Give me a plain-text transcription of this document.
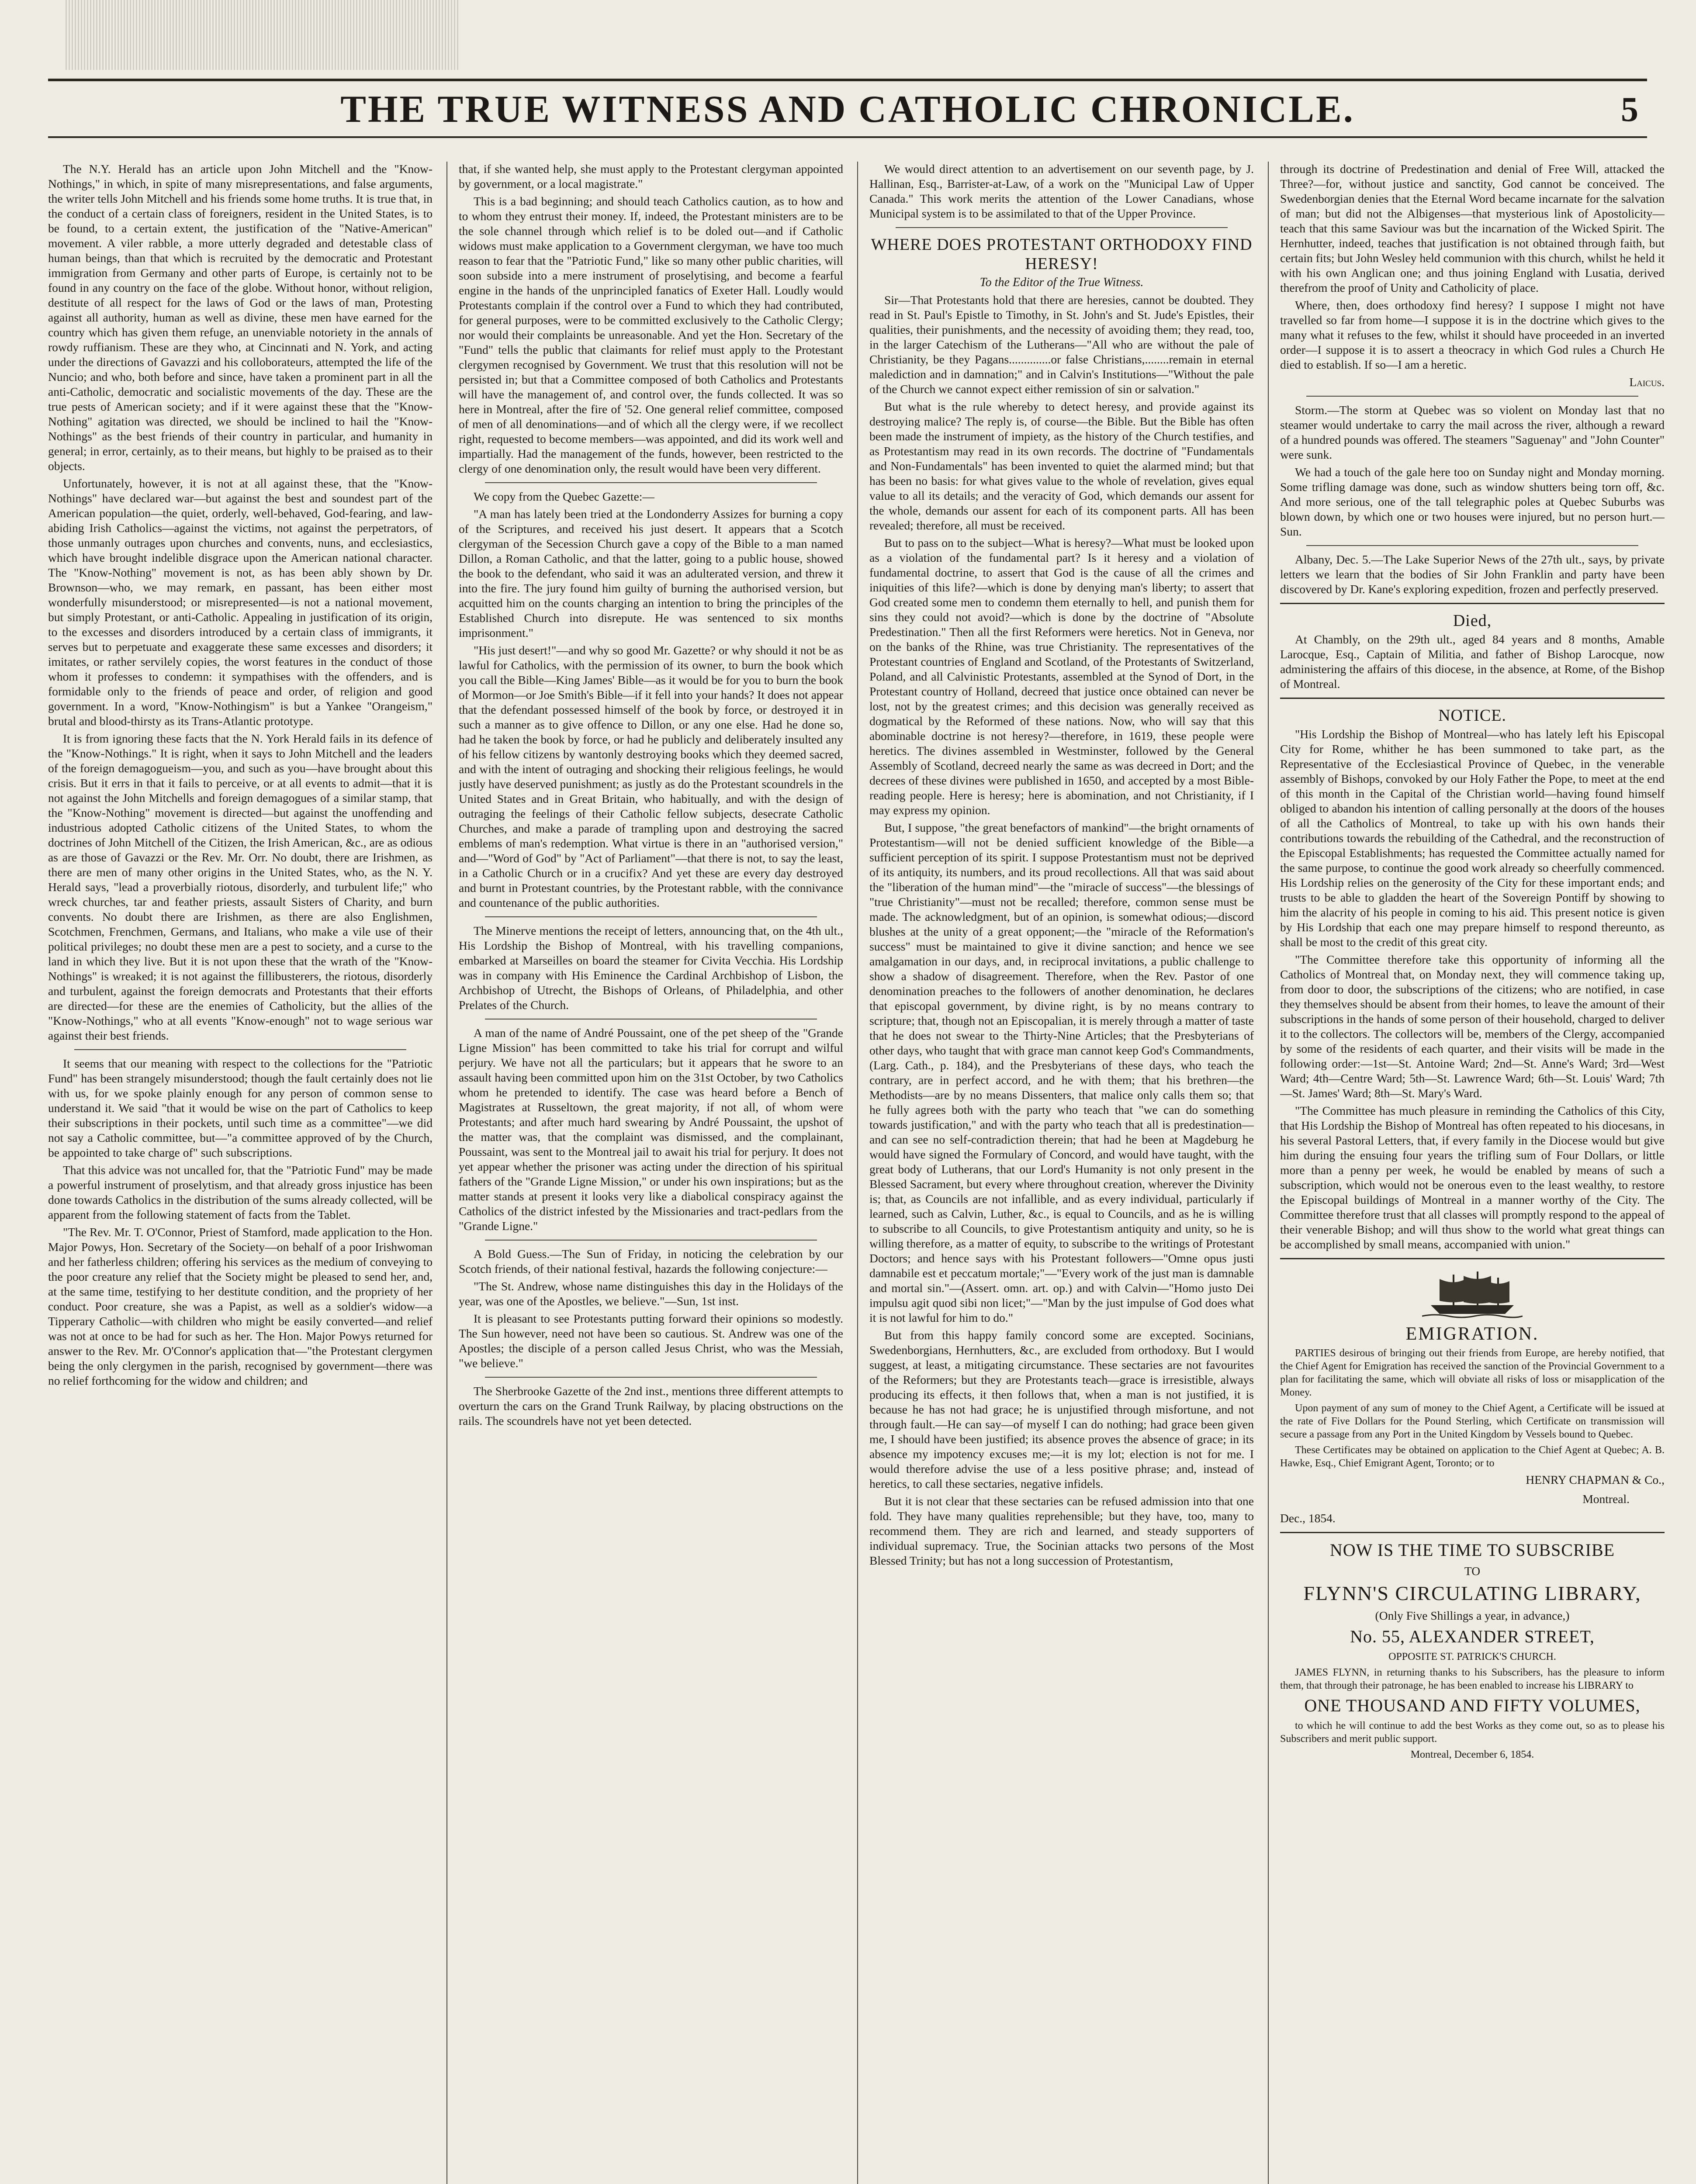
THE TRUE WITNESS AND CATHOLIC CHRONICLE.	5

The N.Y. Herald has an article upon John Mitchell and the "Know-Nothings," in which, in spite of many misrepresentations, and false arguments, the writer tells John Mitchell and his friends some home truths. It is true that, in the conduct of a certain class of foreigners, resident in the United States, is to be found, to a certain extent, the justification of the "Native-American" movement. A viler rabble, a more utterly degraded and detestable class of human beings, than that which is recruited by the democratic and Protestant immigration from Germany and other parts of Europe, is certainly not to be found in any country on the face of the globe. Without honor, without religion, destitute of all respect for the laws of God or the laws of man, Protesting against all authority, human as well as divine, these men have earned for the country which has given them refuge, an unenviable notoriety in the annals of rowdy ruffianism. These are they who, at Cincinnati and N. York, and acting under the directions of Gavazzi and his colloborateurs, attempted the life of the Nuncio; and who, both before and since, have taken a prominent part in all the anti-Catholic, democratic and socialistic movements of the day. These are the true pests of American society; and if it were against these that the "Know-Nothing" agitation was directed, we should be inclined to hail the "Know-Nothings" as the best friends of their country in particular, and humanity in general; in error, certainly, as to their means, but highly to be praised as to their objects.

Unfortunately, however, it is not at all against these, that the "Know-Nothings" have declared war—but against the best and soundest part of the American population—the quiet, orderly, well-behaved, God-fearing, and law-abiding Irish Catholics—against the victims, not against the perpetrators, of those unmanly outrages upon churches and convents, nuns, and ecclesiastics, which have brought indelible disgrace upon the American national character. The "Know-Nothing" movement is not, as has been ably shown by Dr. Brownson—who, we may remark, en passant, has been either most wonderfully misunderstood; or misrepresented—is not a national movement, but simply Protestant, or anti-Catholic. Appealing in justification of its origin, to the excesses and disorders introduced by a certain class of immigrants, it serves but to perpetuate and exaggerate these same excesses and disorders; it imitates, or rather servilely copies, the worst features in the conduct of those whom it professes to condemn: it sympathises with the offenders, and is formidable only to the friends of peace and order, of religion and good government. In a word, "Know-Nothingism" is but a Yankee "Orangeism," brutal and blood-thirsty as its Trans-Atlantic prototype.

It is from ignoring these facts that the N. York Herald fails in its defence of the "Know-Nothings." It is right, when it says to John Mitchell and the leaders of the foreign demagogueism—you, and such as you—have brought about this crisis. But it errs in that it fails to perceive, or at all events to admit—that it is not against the John Mitchells and foreign demagogues of a similar stamp, that the "Know-Nothing" movement is directed—but against the unoffending and industrious adopted Catholic citizens of the United States, to whom the doctrines of John Mitchell of the Citizen, the Irish American, &c., are as odious as are those of Gavazzi or the Rev. Mr. Orr. No doubt, there are Irishmen, as there are men of many other origins in the United States, who, as the N. Y. Herald says, "lead a proverbially riotous, disorderly, and turbulent life;" who wreck churches, tar and feather priests, assault Sisters of Charity, and burn convents. No doubt there are Irishmen, as there are also Englishmen, Scotchmen, Frenchmen, Germans, and Italians, who make a vile use of their political privileges; no doubt these men are a pest to society, and a curse to the land in which they live. But it is not upon these that the wrath of the "Know-Nothings" is wreaked; it is not against the fillibusterers, the riotous, disorderly and turbulent, against the foreign democrats and Protestants that their efforts are directed—for these are the enemies of Catholicity, but the allies of the "Know-Nothings," who at all events "Know-enough" not to wage serious war against their best friends.

It seems that our meaning with respect to the collections for the "Patriotic Fund" has been strangely misunderstood; though the fault certainly does not lie with us, for we spoke plainly enough for any person of common sense to understand it. We said "that it would be wise on the part of Catholics to keep their subscriptions in their pockets, until such time as a committee"—we did not say a Catholic committee, but—"a committee approved of by the Church, be appointed to take charge of" such subscriptions.

That this advice was not uncalled for, that the "Patriotic Fund" may be made a powerful instrument of proselytism, and that already gross injustice has been done towards Catholics in the distribution of the sums already collected, will be apparent from the following statement of facts from the Tablet.

"The Rev. Mr. T. O'Connor, Priest of Stamford, made application to the Hon. Major Powys, Hon. Secretary of the Society—on behalf of a poor Irishwoman and her fatherless children; offering his services as the medium of conveying to the poor creature any relief that the Society might be pleased to send her, and, at the same time, testifying to her destitute condition, and the propriety of her conduct. Poor creature, she was a Papist, as well as a soldier's widow—a Tipperary Catholic—with children who might be easily converted—and relief was not at once to be had for such as her. The Hon. Major Powys returned for answer to the Rev. Mr. O'Connor's application that—"the Protestant clergymen being the only clergymen in the parish, recognised by government—there was no relief forthcoming for the widow and children; and

that, if she wanted help, she must apply to the Protestant clergyman appointed by government, or a local magistrate."

This is a bad beginning; and should teach Catholics caution, as to how and to whom they entrust their money. If, indeed, the Protestant ministers are to be the sole channel through which relief is to be doled out—and if Catholic widows must make application to a Government clergyman, we have too much reason to fear that the "Patriotic Fund," like so many other public charities, will soon subside into a mere instrument of proselytising, and become a fearful engine in the hands of the unprincipled fanatics of Exeter Hall. Loudly would Protestants complain if the control over a Fund to which they had contributed, for general purposes, were to be committed exclusively to the Catholic Clergy; nor would their complaints be unreasonable. And yet the Hon. Secretary of the "Fund" tells the public that claimants for relief must apply to the Protestant clergymen recognised by Government. We trust that this resolution will not be persisted in; but that a Committee composed of both Catholics and Protestants will have the management of, and control over, the funds collected. It was so here in Montreal, after the fire of '52. One general relief committee, composed of men of all denominations—and of which all the clergy were, if we recollect right, requested to become members—was appointed, and did its work well and impartially. Had the management of the funds, however, been restricted to the clergy of one denomination only, the result would have been very different.

We copy from the Quebec Gazette:—

"A man has lately been tried at the Londonderry Assizes for burning a copy of the Scriptures, and received his just desert. It appears that a Scotch clergyman of the Secession Church gave a copy of the Bible to a man named Dillon, a Roman Catholic, and that the latter, going to a public house, showed the book to the defendant, who said it was an adulterated version, and threw it into the fire. The jury found him guilty of burning the authorised version, but acquitted him on the counts charging an intention to bring the principles of the Established Church into disrepute. He was sentenced to six months imprisonment."

"His just desert!"—and why so good Mr. Gazette? or why should it not be as lawful for Catholics, with the permission of its owner, to burn the book which you call the Bible—King James' Bible—as it would be for you to burn the book of Mormon—or Joe Smith's Bible—if it fell into your hands? It does not appear that the defendant possessed himself of the book by force, or destroyed it in such a manner as to give offence to Dillon, or any one else. Had he done so, had he taken the book by force, or had he publicly and deliberately insulted any of his fellow citizens by wantonly destroying books which they deemed sacred, and with the intent of outraging and shocking their religious feelings, he would justly have deserved punishment; as justly as do the Protestant scoundrels in the United States and in Great Britain, who habitually, and with the design of outraging the feelings of their Catholic fellow subjects, desecrate Catholic Churches, and make a parade of trampling upon and destroying the sacred emblems of man's redemption. What virtue is there in an "authorised version," and—"Word of God" by "Act of Parliament"—that there is not, to say the least, in a Catholic Church or in a crucifix? And yet these are every day destroyed and burnt in Protestant countries, by the Protestant rabble, with the connivance and countenance of the public authorities.

The Minerve mentions the receipt of letters, announcing that, on the 4th ult., His Lordship the Bishop of Montreal, with his travelling companions, embarked at Marseilles on board the steamer for Civita Vecchia. His Lordship was in company with His Eminence the Cardinal Archbishop of Lisbon, the Archbishop of Utrecht, the Bishops of Orleans, of Philadelphia, and other Prelates of the Church.

A man of the name of André Poussaint, one of the pet sheep of the "Grande Ligne Mission" has been committed to take his trial for corrupt and wilful perjury. We have not all the particulars; but it appears that he swore to an assault having been committed upon him on the 31st October, by two Catholics whom he pretended to identify. The case was heard before a Bench of Magistrates at Russeltown, the great majority, if not all, of whom were Protestants; and after much hard swearing by André Poussaint, the upshot of the matter was, that the complaint was dismissed, and the complainant, Poussaint, was sent to the Montreal jail to await his trial for perjury. It does not yet appear whether the prisoner was acting under the direction of his spiritual fathers of the "Grande Ligne Mission," or under his own inspirations; but as the matter stands at present it looks very like a diabolical conspiracy against the Catholics of the district infested by the Missionaries and tract-pedlars from the "Grande Ligne."

A Bold Guess.—The Sun of Friday, in noticing the celebration by our Scotch friends, of their national festival, hazards the following conjecture:—

"The St. Andrew, whose name distinguishes this day in the Holidays of the year, was one of the Apostles, we believe."—Sun, 1st inst.

It is pleasant to see Protestants putting forward their opinions so modestly. The Sun however, need not have been so cautious. St. Andrew was one of the Apostles; the disciple of a person called Jesus Christ, who was the Messiah, "we believe."

The Sherbrooke Gazette of the 2nd inst., mentions three different attempts to overturn the cars on the Grand Trunk Railway, by placing obstructions on the rails. The scoundrels have not yet been detected.

We would direct attention to an advertisement on our seventh page, by J. Hallinan, Esq., Barrister-at-Law, of a work on the "Municipal Law of Upper Canada." This work merits the attention of the Lower Canadians, whose Municipal system is to be assimilated to that of the Upper Province.

WHERE DOES PROTESTANT ORTHODOXY FIND HERESY!
To the Editor of the True Witness.

Sir—That Protestants hold that there are heresies, cannot be doubted. They read in St. Paul's Epistle to Timothy, in St. John's and St. Jude's Epistles, their qualities, their punishments, and the necessity of avoiding them; they read, too, in the larger Catechism of the Lutherans—"All who are without the pale of Christianity, be they Pagans..............or false Christians,........remain in eternal malediction and in damnation;" and in Calvin's Institutions—"Without the pale of the Church we cannot expect either remission of sin or salvation."

But what is the rule whereby to detect heresy, and provide against its destroying malice? The reply is, of course—the Bible. But the Bible has often been made the instrument of impiety, as the history of the Church testifies, and as Protestantism may read in its own records. The doctrine of "Fundamentals and Non-Fundamentals" has been invented to quiet the alarmed mind; but that has been no basis: for what gives value to the whole of revelation, gives equal value to all its details; and the veracity of God, which demands our assent for the whole, demands our assent for each of its component parts. All has been revealed; therefore, all must be received.

But to pass on to the subject—What is heresy?—What must be looked upon as a violation of the fundamental part? Is it heresy and a violation of fundamental doctrine, to assert that God is the cause of all the crimes and iniquities of this life?—which is done by denying man's liberty; to assert that God created some men to condemn them eternally to hell, and punish them for sins they could not avoid?—which is done by the doctrine of "Absolute Predestination." Then all the first Reformers were heretics. Not in Geneva, nor on the banks of the Rhine, was true Christianity. The representatives of the Protestant countries of England and Scotland, of the Protestants of Switzerland, Poland, and all Calvinistic Protestants, assembled at the Synod of Dort, in the Protestant country of Holland, decreed that justice once obtained can never be lost, not by the greatest crimes; and this decision was generally received as dogmatical by the Reformed of these nations. Now, who will say that this abominable doctrine is not heresy?—therefore, in 1619, these people were heretics. The divines assembled in Westminster, followed by the General Assembly of Scotland, decreed nearly the same as was decreed in Dort; and the decrees of these divines were published in 1650, and accepted by a most Bible-reading people. Here is heresy; here is abomination, and not Christianity, if I may express my opinion.

But, I suppose, "the great benefactors of mankind"—the bright ornaments of Protestantism—will not be denied sufficient knowledge of the Bible—a sufficient perception of its spirit. I suppose Protestantism must not be deprived of its antiquity, its numbers, and its proud recollections. All that was said about the "liberation of the human mind"—the "miracle of success"—the blessings of "true Christianity"—must not be recalled; therefore, common sense must be made. The acknowledgment, but of an opinion, is somewhat odious;—discord blushes at the unity of a great opponent;—the "miracle of the Reformation's success" must be maintained to give it divine sanction; and hence we see amalgamation in our days, and, in reciprocal invitations, a public challenge to show a shadow of disagreement. Therefore, when the Rev. Pastor of one denomination preaches to the followers of another denomination, he declares that episcopal government, by divine right, is by no means contrary to scripture; that, though not an Episcopalian, it is merely through a matter of taste that he does not swear to the Thirty-Nine Articles; that the Presbyterians of other days, who taught that with grace man cannot keep God's Commandments, (Larg. Cath., p. 184), and the Presbyterians of these days, who teach the contrary, are in perfect accord, and he with them; that his brethren—the Methodists—are by no means Dissenters, that malice only calls them so; that he fully agrees both with the party who teach that "we can do something towards justification," and with the party who teach that all is predestination—and can see no self-contradiction therein; that had he been at Magdeburg he would have signed the Formulary of Concord, and would have taught, with the great body of Lutherans, that our Lord's Humanity is not only present in the Blessed Sacrament, but every where throughout creation, wherever the Divinity is; that, as Councils are not infallible, and as every individual, particularly if learned, such as Calvin, Luther, &c., is equal to Councils, and as he is willing to subscribe to all Councils, to give Protestantism antiquity and unity, so he is willing therefore, as a matter of equity, to subscribe to the writings of Protestant Doctors; and hence says with his Protestant followers—"Omne opus justi damnabile est et peccatum mortale;"—"Every work of the just man is damnable and mortal sin."—(Assert. omn. art. op.) and with Calvin—"Homo justo Dei impulsu agit quod sibi non licet;"—"Man by the just impulse of God does what it is not lawful for him to do."

But from this happy family concord some are excepted. Socinians, Swedenborgians, Hernhutters, &c., are excluded from orthodoxy. But I would suggest, at least, a mitigating circumstance. These sectaries are not favourites of the Reformers; but they are Protestants teach—grace is irresistible, always producing its effects, it then follows that, when a man is not justified, it is because he has not had grace; he is unjustified through misfortune, and not through fault.—He can say—of myself I can do nothing; had grace been given me, I should have been justified; its absence proves the absence of grace; in its absence my impotency excuses me;—it is my lot; election is not for me. I would therefore advise the use of a less positive phrase; and, instead of heretics, to call these sectaries, negative infidels.

But it is not clear that these sectaries can be refused admission into that one fold. They have many qualities reprehensible; but they have, too, many to recommend them. They are rich and learned, and steady supporters of individual supremacy. True, the Socinian attacks two persons of the Most Blessed Trinity; but has not a long succession of Protestantism,

through its doctrine of Predestination and denial of Free Will, attacked the Three?—for, without justice and sanctity, God cannot be conceived. The Swedenborgian denies that the Eternal Word became incarnate for the salvation of man; but did not the Albigenses—that mysterious link of Apostolicity—teach that this same Saviour was but the incarnation of the Wicked Spirit. The Hernhutter, indeed, teaches that justification is not obtained through faith, but certain fits; but John Wesley held communion with this church, whilst he held it with his own Anglican one; and thus joining England with Lusatia, derived therefrom the proof of Unity and Catholicity of place.

Where, then, does orthodoxy find heresy? I suppose I might not have travelled so far from home—I suppose it is in the doctrine which gives to the many what it refuses to the few, whilst it should have proceeded in an inverted order—I suppose it is to assert a theocracy in which God rules a Church He died to establish. If so—I am a heretic.

Laicus.

Storm.—The storm at Quebec was so violent on Monday last that no steamer would undertake to carry the mail across the river, although a reward of a hundred pounds was offered. The steamers "Saguenay" and "John Counter" were sunk.

We had a touch of the gale here too on Sunday night and Monday morning. Some trifling damage was done, such as window shutters being torn off, &c. And more serious, one of the tall telegraphic poles at Quebec Suburbs was blown down, by which one or two houses were injured, but no person hurt.—Sun.

Albany, Dec. 5.—The Lake Superior News of the 27th ult., says, by private letters we learn that the bodies of Sir John Franklin and party have been discovered by Dr. Kane's exploring expedition, frozen and perfectly preserved.

Died,

At Chambly, on the 29th ult., aged 84 years and 8 months, Amable Larocque, Esq., Captain of Militia, and father of Bishop Larocque, now administering the affairs of this diocese, in the absence, at Rome, of the Bishop of Montreal.

NOTICE.

"His Lordship the Bishop of Montreal—who has lately left his Episcopal City for Rome, whither he has been summoned to take part, as the Representative of the Ecclesiastical Province of Quebec, in the venerable assembly of Bishops, convoked by our Holy Father the Pope, to meet at the end of this month in the Capital of the Christian world—having found himself obliged to abandon his intention of calling personally at the doors of the houses of all the Catholics of Montreal, to take up with his own hands their contributions towards the rebuilding of the Cathedral, and the reconstruction of the Episcopal Establishments; has requested the Committee actually named for the same purpose, to continue the good work already so cheerfully commenced. His Lordship relies on the generosity of the City for these important ends; and trusts to be able to gladden the heart of the Sovereign Pontiff by showing to him the alacrity of his people in coming to his aid. This present notice is given by His Lordship that each one may prepare himself to respond thereunto, as shall be most to the credit of this great city.

"The Committee therefore take this opportunity of informing all the Catholics of Montreal that, on Monday next, they will commence taking up, from door to door, the subscriptions of the citizens; who are notified, in case they themselves should be absent from their homes, to leave the amount of their subscriptions in the hands of some person of their household, charged to deliver it to the collectors. The collectors will be, members of the Clergy, accompanied by some of the residents of each quarter, and their visits will be made in the following order:—1st—St. Antoine Ward; 2nd—St. Anne's Ward; 3rd—West Ward; 4th—Centre Ward; 5th—St. Lawrence Ward; 6th—St. Louis' Ward; 7th—St. James' Ward; 8th—St. Mary's Ward.

"The Committee has much pleasure in reminding the Catholics of this City, that His Lordship the Bishop of Montreal has often repeated to his diocesans, in his several Pastoral Letters, that, if every family in the Diocese would but give him during the ensuing four years the trifling sum of Four Dollars, or little more than a penny per week, he would be enabled by means of such a subscription, which would not be onerous even to the least wealthy, to restore the Episcopal buildings of Montreal in a manner worthy of the City. The Committee therefore trust that all classes will promptly respond to the appeal of their venerable Bishop; and will thus show to the world what great things can be accomplished by small means, accompanied with union."

EMIGRATION.

PARTIES desirous of bringing out their friends from Europe, are hereby notified, that the Chief Agent for Emigration has received the sanction of the Provincial Government to a plan for facilitating the same, which will obviate all risks of loss or misapplication of the Money.

Upon payment of any sum of money to the Chief Agent, a Certificate will be issued at the rate of Five Dollars for the Pound Sterling, which Certificate on transmission will secure a passage from any Port in the United Kingdom by Vessels bound to Quebec.

These Certificates may be obtained on application to the Chief Agent at Quebec; A. B. Hawke, Esq., Chief Emigrant Agent, Toronto; or to

HENRY CHAPMAN & Co.,

Montreal.

Dec., 1854.

NOW IS THE TIME TO SUBSCRIBE

TO

FLYNN'S CIRCULATING LIBRARY,

(Only Five Shillings a year, in advance,)

No. 55, ALEXANDER STREET,

OPPOSITE ST. PATRICK'S CHURCH.

JAMES FLYNN, in returning thanks to his Subscribers, has the pleasure to inform them, that through their patronage, he has been enabled to increase his LIBRARY to

ONE THOUSAND AND FIFTY VOLUMES,

to which he will continue to add the best Works as they come out, so as to please his Subscribers and merit public support.

Montreal, December 6, 1854.
